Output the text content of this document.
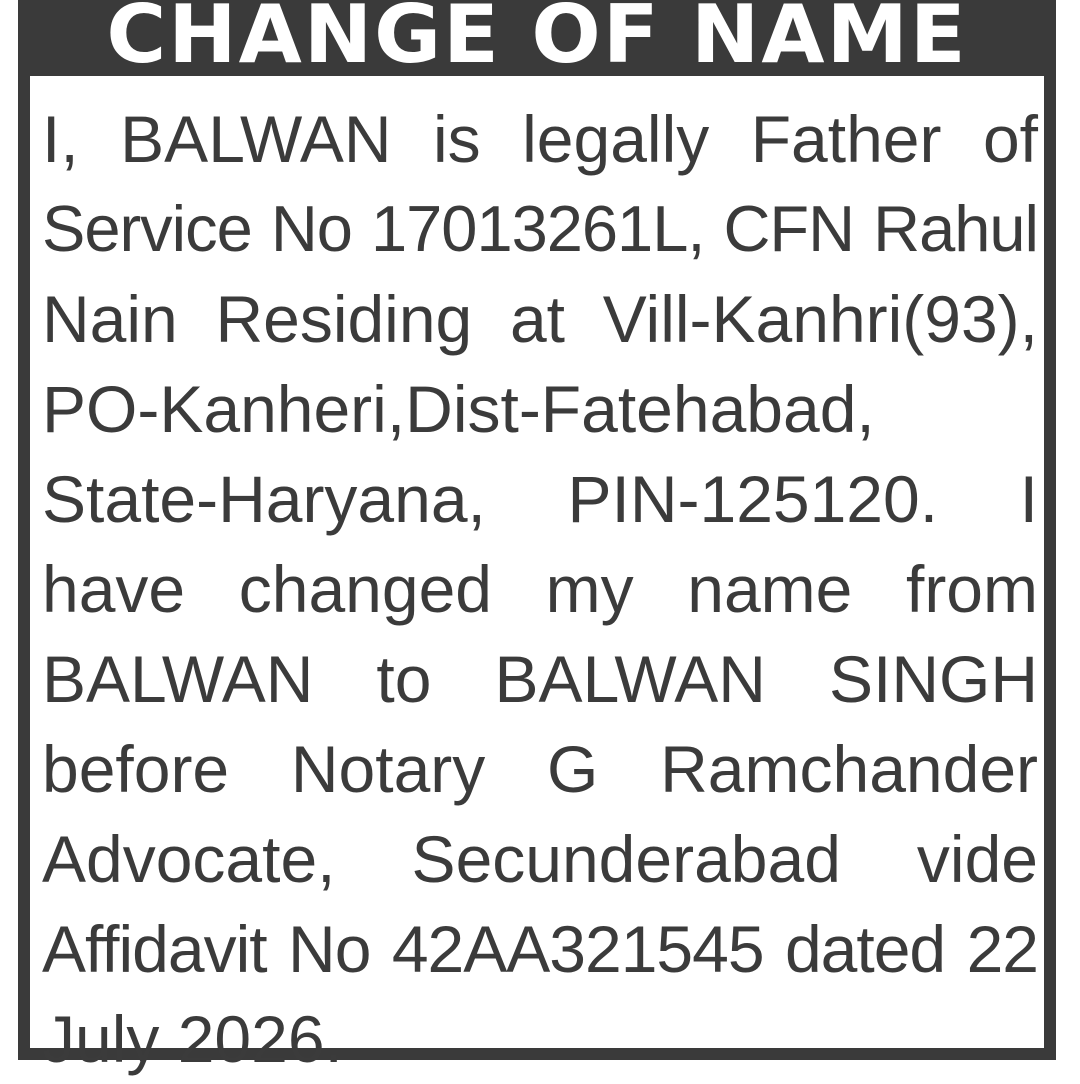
CHANGE OF NAME
I, BALWAN is legally Father of
Service No 17013261L, CFN Rahul
Nain Residing at Vill-Kanhri(93),
PO-Kanheri,Dist-Fatehabad,
State-Haryana, PIN-125120. I
have changed my name from
BALWAN to BALWAN SINGH
before Notary G Ramchander
Advocate, Secunderabad vide
Affidavit No 42AA321545 dated 22
July 2026.
